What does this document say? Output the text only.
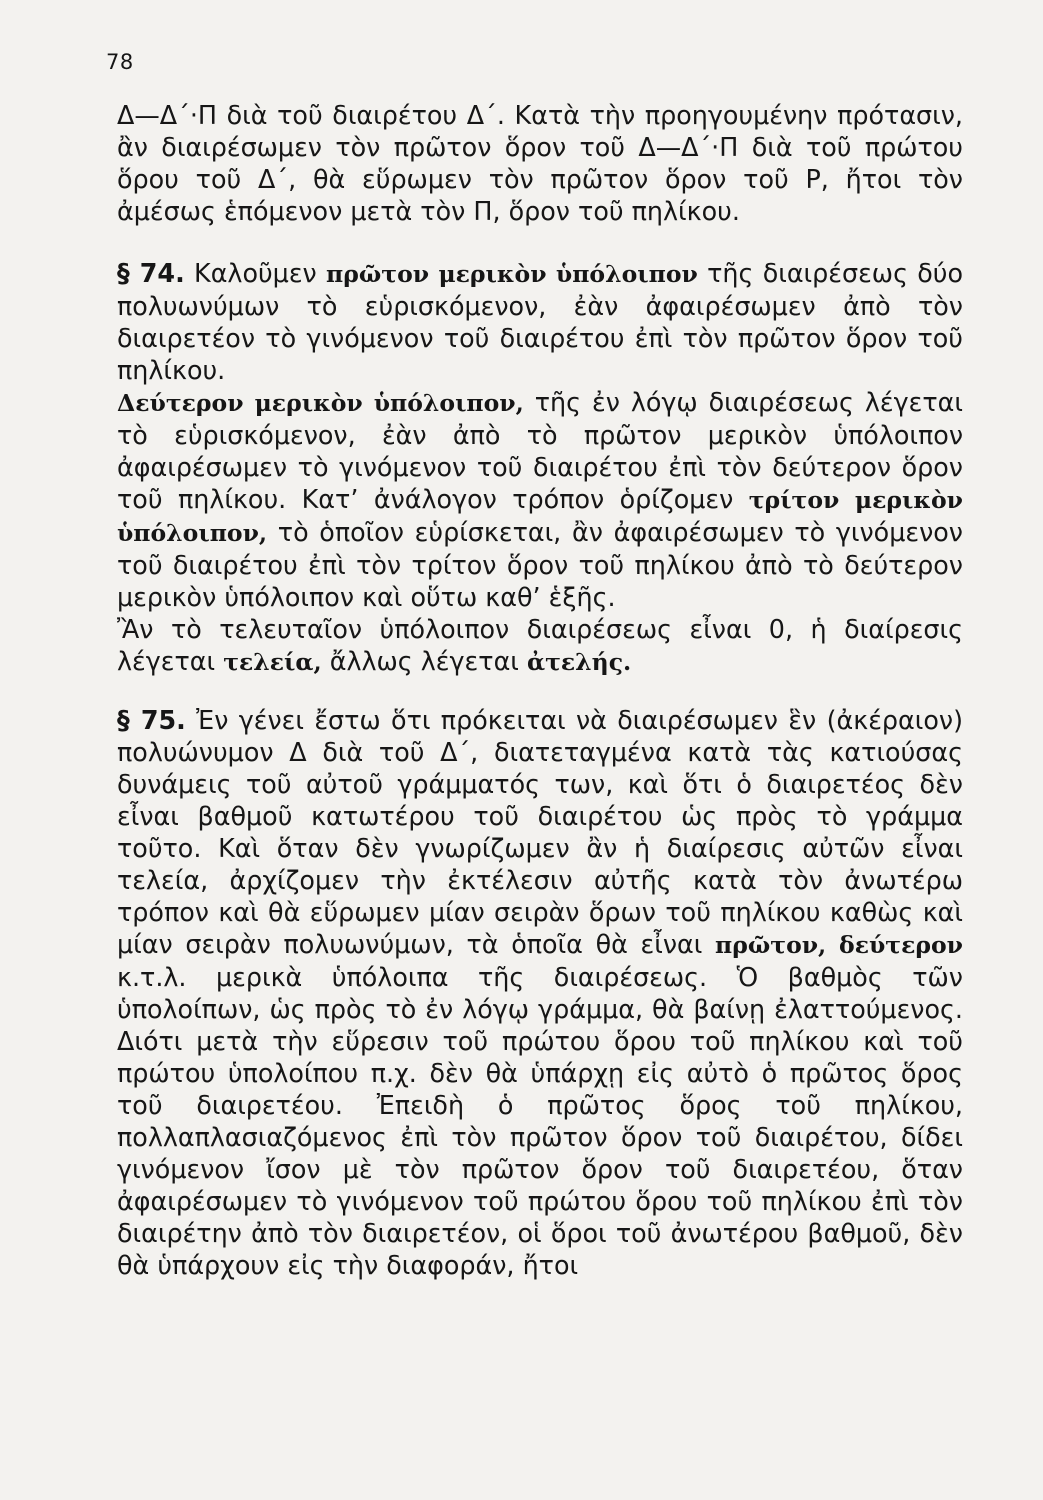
78

Δ—Δ΄·Π διὰ τοῦ διαιρέτου Δ΄. Κατὰ τὴν προηγουμένην πρότασιν, ἂν διαιρέσωμεν τὸν πρῶτον ὅρον τοῦ Δ—Δ΄·Π διὰ τοῦ πρώτου ὅρου τοῦ Δ΄, θὰ εὕρωμεν τὸν πρῶτον ὅρον τοῦ Ρ, ἤτοι τὸν ἀμέσως ἑπόμενον μετὰ τὸν Π, ὅρον τοῦ πηλίκου.

§ 74. Καλοῦμεν πρῶτον μερικὸν ὑπόλοιπον τῆς διαιρέσεως δύο πολυωνύμων τὸ εὑρισκόμενον, ἐὰν ἀφαιρέσωμεν ἀπὸ τὸν διαιρετέον τὸ γινόμενον τοῦ διαιρέτου ἐπὶ τὸν πρῶτον ὅρον τοῦ πηλίκου.

Δεύτερον μερικὸν ὑπόλοιπον, τῆς ἐν λόγῳ διαιρέσεως λέγεται τὸ εὑρισκόμενον, ἐὰν ἀπὸ τὸ πρῶτον μερικὸν ὑπόλοιπον ἀφαιρέσωμεν τὸ γινόμενον τοῦ διαιρέτου ἐπὶ τὸν δεύτερον ὅρον τοῦ πηλίκου. Κατ’ ἀνάλογον τρόπον ὁρίζομεν τρίτον μερικὸν ὑπόλοιπον, τὸ ὁποῖον εὑρίσκεται, ἂν ἀφαιρέσωμεν τὸ γινόμενον τοῦ διαιρέτου ἐπὶ τὸν τρίτον ὅρον τοῦ πηλίκου ἀπὸ τὸ δεύτερον μερικὸν ὑπόλοιπον καὶ οὕτω καθ’ ἑξῆς.

Ἂν τὸ τελευταῖον ὑπόλοιπον διαιρέσεως εἶναι 0, ἡ διαίρεσις λέγεται τελεία, ἄλλως λέγεται ἀτελής.

§ 75. Ἐν γένει ἔστω ὅτι πρόκειται νὰ διαιρέσωμεν ἓν (ἀκέραιον) πολυώνυμον Δ διὰ τοῦ Δ΄, διατεταγμένα κατὰ τὰς κατιούσας δυνάμεις τοῦ αὐτοῦ γράμματός των, καὶ ὅτι ὁ διαιρετέος δὲν εἶναι βαθμοῦ κατωτέρου τοῦ διαιρέτου ὡς πρὸς τὸ γράμμα τοῦτο. Καὶ ὅταν δὲν γνωρίζωμεν ἂν ἡ διαίρεσις αὐτῶν εἶναι τελεία, ἀρχίζομεν τὴν ἐκτέλεσιν αὐτῆς κατὰ τὸν ἀνωτέρω τρόπον καὶ θὰ εὕρωμεν μίαν σειρὰν ὅρων τοῦ πηλίκου καθὼς καὶ μίαν σειρὰν πολυωνύμων, τὰ ὁποῖα θὰ εἶναι πρῶτον, δεύτερον κ.τ.λ. μερικὰ ὑπόλοιπα τῆς διαιρέσεως. Ὁ βαθμὸς τῶν ὑπολοίπων, ὡς πρὸς τὸ ἐν λόγῳ γράμμα, θὰ βαίνῃ ἐλαττούμενος. Διότι μετὰ τὴν εὕρεσιν τοῦ πρώτου ὅρου τοῦ πηλίκου καὶ τοῦ πρώτου ὑπολοίπου π.χ. δὲν θὰ ὑπάρχῃ εἰς αὐτὸ ὁ πρῶτος ὅρος τοῦ διαιρετέου. Ἐπειδὴ ὁ πρῶτος ὅρος τοῦ πηλίκου, πολλαπλασιαζόμενος ἐπὶ τὸν πρῶτον ὅρον τοῦ διαιρέτου, δίδει γινόμενον ἴσον μὲ τὸν πρῶτον ὅρον τοῦ διαιρετέου, ὅταν ἀφαιρέσωμεν τὸ γινόμενον τοῦ πρώτου ὅρου τοῦ πηλίκου ἐπὶ τὸν διαιρέτην ἀπὸ τὸν διαιρετέον, οἱ ὅροι τοῦ ἀνωτέρου βαθμοῦ, δὲν θὰ ὑπάρχουν εἰς τὴν διαφοράν, ἤτοι
